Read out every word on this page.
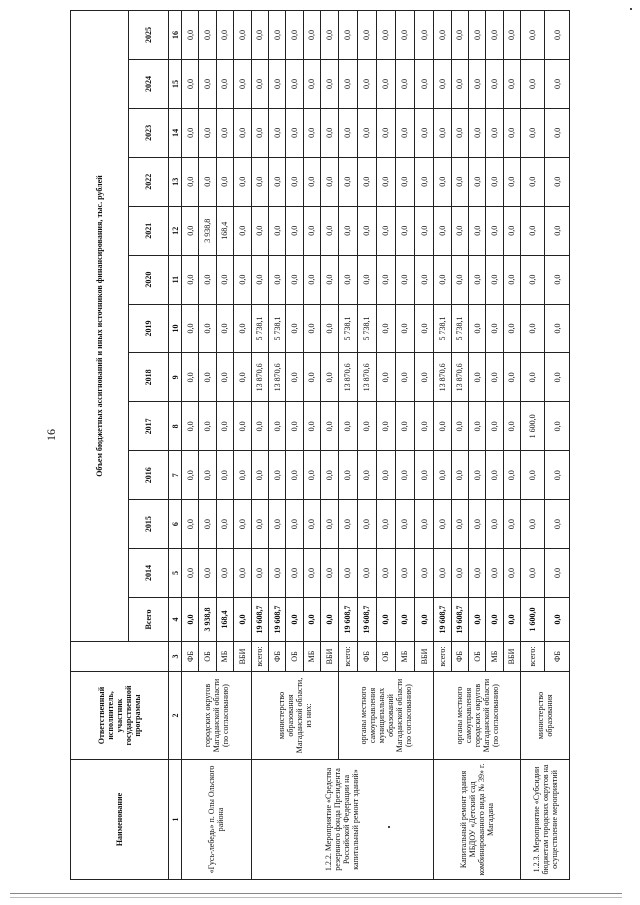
16
Наименование	Ответственный исполнитель, участник государственной программы		Объем бюджетных ассигнований и иных источников финансирования, тыс. рублей												
			Всего	2014	2015	2016	2017	2018	2019	2020	2021	2022	2023	2024	2025
1	2	3	4	5	6	7	8	9	10	11	12	13	14	15	16
«Гусь-лебедь» п. Олы Ольского района	городских округов Магаданской области (по согласованию)	ФБ	0,0	0,0	0,0	0,0	0,0	0,0	0,0	0,0	0,0	0,0	0,0	0,0	0,0
		ОБ	3 938,8	0,0	0,0	0,0	0,0	0,0	0,0	0,0	3 938,8	0,0	0,0	0,0	0,0
		МБ	168,4	0,0	0,0	0,0	0,0	0,0	0,0	0,0	168,4	0,0	0,0	0,0	0,0
		ВБИ	0,0	0,0	0,0	0,0	0,0	0,0	0,0	0,0	0,0	0,0	0,0	0,0	0,0
1.2.2. Мероприятие «Средства резервного фонда Президента Российской Федерации на капитальный ремонт зданий»	министерство образования Магаданской области, из них:	всего:	19 608,7	0,0	0,0	0,0	0,0	13 870,6	5 738,1	0,0	0,0	0,0	0,0	0,0	0,0
		ФБ	19 608,7	0,0	0,0	0,0	0,0	13 870,6	5 738,1	0,0	0,0	0,0	0,0	0,0	0,0
		ОБ	0,0	0,0	0,0	0,0	0,0	0,0	0,0	0,0	0,0	0,0	0,0	0,0	0,0
		МБ	0,0	0,0	0,0	0,0	0,0	0,0	0,0	0,0	0,0	0,0	0,0	0,0	0,0
		ВБИ	0,0	0,0	0,0	0,0	0,0	0,0	0,0	0,0	0,0	0,0	0,0	0,0	0,0
	органы местного самоуправления муниципальных образований Магаданской области (по согласованию)	всего:	19 608,7	0,0	0,0	0,0	0,0	13 870,6	5 738,1	0,0	0,0	0,0	0,0	0,0	0,0
		ФБ	19 608,7	0,0	0,0	0,0	0,0	13 870,6	5 738,1	0,0	0,0	0,0	0,0	0,0	0,0
		ОБ	0,0	0,0	0,0	0,0	0,0	0,0	0,0	0,0	0,0	0,0	0,0	0,0	0,0
		МБ	0,0	0,0	0,0	0,0	0,0	0,0	0,0	0,0	0,0	0,0	0,0	0,0	0,0
		ВБИ	0,0	0,0	0,0	0,0	0,0	0,0	0,0	0,0	0,0	0,0	0,0	0,0	0,0
Капитальный ремонт здания МБДОУ «Детский сад комбинированного вида № 39» г. Магадана	органы местного самоуправления городских округов Магаданской области (по согласованию)	всего:	19 608,7	0,0	0,0	0,0	0,0	13 870,6	5 738,1	0,0	0,0	0,0	0,0	0,0	0,0
		ФБ	19 608,7	0,0	0,0	0,0	0,0	13 870,6	5 738,1	0,0	0,0	0,0	0,0	0,0	0,0
		ОБ	0,0	0,0	0,0	0,0	0,0	0,0	0,0	0,0	0,0	0,0	0,0	0,0	0,0
		МБ	0,0	0,0	0,0	0,0	0,0	0,0	0,0	0,0	0,0	0,0	0,0	0,0	0,0
		ВБИ	0,0	0,0	0,0	0,0	0,0	0,0	0,0	0,0	0,0	0,0	0,0	0,0	0,0
1.2.3. Мероприятие «Субсидии бюджетам городских округов на осуществление мероприятий	министерство образования	всего:	1 600,0	0,0	0,0	0,0	1 600,0	0,0	0,0	0,0	0,0	0,0	0,0	0,0	0,0
		ФБ	0,0	0,0	0,0	0,0	0,0	0,0	0,0	0,0	0,0	0,0	0,0	0,0	0,0
